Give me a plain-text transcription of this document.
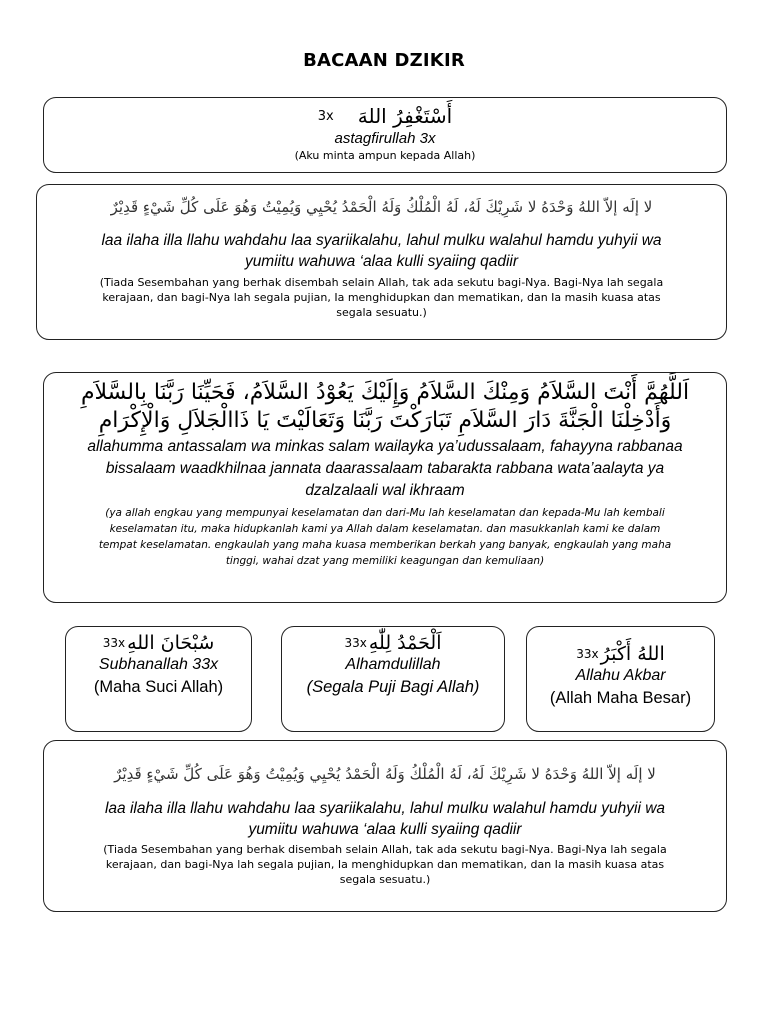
BACAAN DZIKIR
3x أَسْتَغْفِرُ اللهَ
astagfirullah 3x
(Aku minta ampun kepada Allah)
لا إلَه إلاّ اللهُ وَحْدَهُ لا شَرِيْكَ لَهُ، لَهُ الْمُلْكُ وَلَهُ الْحَمْدُ يُحْيِي وَيُمِيْتُ وَهُوَ عَلَى كُلِّ شَيْءٍ قَدِيْرٌ
laa ilaha illa llahu wahdahu laa syariikalahu, lahul mulku walahul hamdu yuhyii wa yumiitu wahuwa ‘alaa kulli syaiing qadiir
(Tiada Sesembahan yang berhak disembah selain Allah, tak ada sekutu bagi-Nya. Bagi-Nya lah segala kerajaan, dan bagi-Nya lah segala pujian, Ia menghidupkan dan mematikan, dan Ia masih kuasa atas segala sesuatu.)
اَللَّهُمَّ أَنْتَ السَّلاَمُ وَمِنْكَ السَّلاَمُ وَإِلَيْكَ يَعُوْدُ السَّلاَمُ، فَحَيِّنَا رَبَّنَا بِالسَّلاَمِ وَأَدْخِلْنَا الْجَنَّةَ دَارَ السَّلاَمِ تَبَارَكْتَ رَبَّنَا وَتَعَالَيْتَ يَا ذَاالْجَلاَلِ وَالْإِكْرَامِ
allahumma antassalam wa minkas salam wailayka ya’udussalaam, fahayyna rabbanaa bissalaam waadkhilnaa jannata daarassalaam tabarakta rabbana wata’aalayta ya dzalzalaali wal ikhraam
(ya allah engkau yang mempunyai keselamatan dan dari-Mu lah keselamatan dan kepada-Mu lah kembali keselamatan itu, maka hidupkanlah kami ya Allah dalam keselamatan. dan masukkanlah kami ke dalam tempat keselamatan. engkaulah yang maha kuasa memberikan berkah yang banyak, engkaulah yang maha tinggi, wahai dzat yang memiliki keagungan dan kemuliaan)
33x سُبْحَانَ اللهِ
Subhanallah 33x
(Maha Suci Allah)
33x اَلْحَمْدُ لِلّٰهِ
Alhamdulillah
(Segala Puji Bagi Allah)
33x اللهُ أَكْبَرُ
Allahu Akbar
(Allah Maha Besar)
لا إلَه إلاّ اللهُ وَحْدَهُ لا شَرِيْكَ لَهُ، لَهُ الْمُلْكُ وَلَهُ الْحَمْدُ يُحْيِي وَيُمِيْتُ وَهُوَ عَلَى كُلِّ شَيْءٍ قَدِيْرٌ
laa ilaha illa llahu wahdahu laa syariikalahu, lahul mulku walahul hamdu yuhyii wa yumiitu wahuwa ‘alaa kulli syaiing qadiir
(Tiada Sesembahan yang berhak disembah selain Allah, tak ada sekutu bagi-Nya. Bagi-Nya lah segala kerajaan, dan bagi-Nya lah segala pujian, Ia menghidupkan dan mematikan, dan Ia masih kuasa atas segala sesuatu.)
